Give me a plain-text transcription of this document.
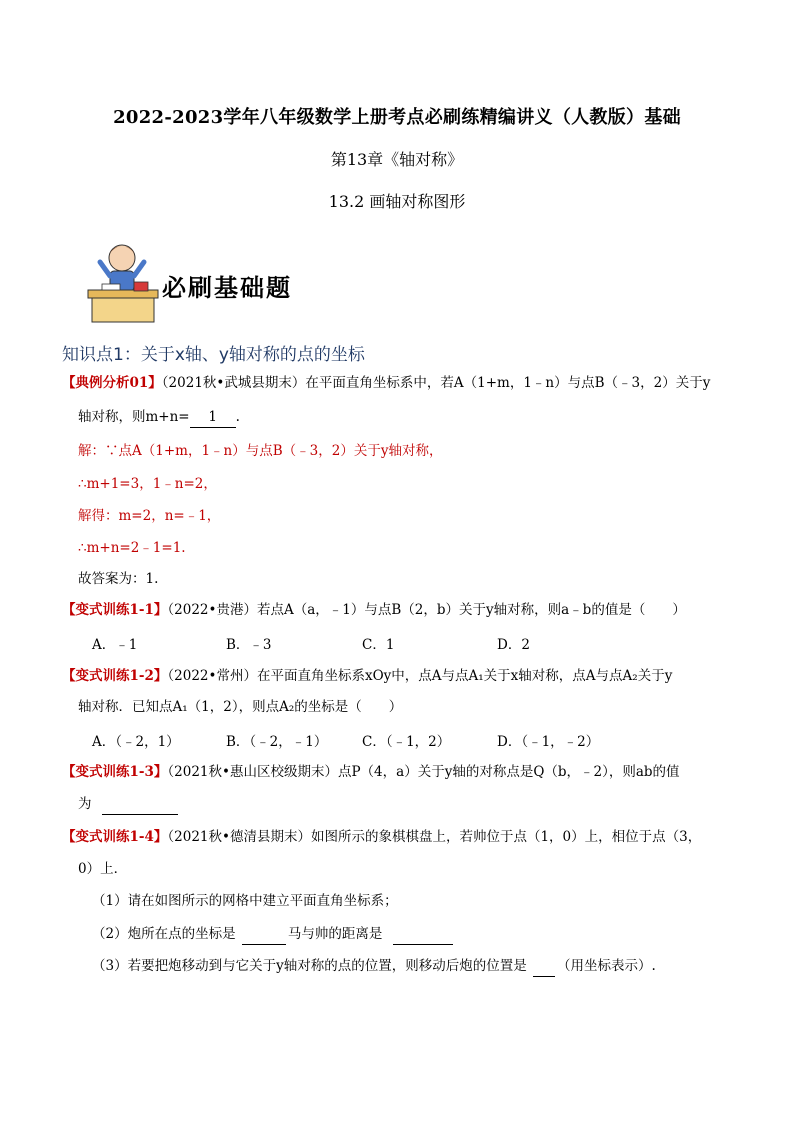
2022-2023学年八年级数学上册考点必刷练精编讲义（人教版）基础
第13章《轴对称》
13.2 画轴对称图形
必刷基础题
知识点1：关于x轴、y轴对称的点的坐标
【典例分析01】（2021秋•武城县期末）在平面直角坐标系中，若A（1+m，1﹣n）与点B（﹣3，2）关于y
轴对称，则m+n= 1 .
解：∵点A（1+m，1﹣n）与点B（﹣3，2）关于y轴对称，
∴m+1=3，1﹣n=2，
解得：m=2，n=﹣1，
∴m+n=2﹣1=1.
故答案为：1.
【变式训练1-1】（2022•贵港）若点A（a，﹣1）与点B（2，b）关于y轴对称，则a﹣b的值是（　　）
A．﹣1	B．﹣3	C．1	D．2
【变式训练1-2】（2022•常州）在平面直角坐标系xOy中，点A与点A₁关于x轴对称，点A与点A₂关于y
轴对称．已知点A₁（1，2），则点A₂的坐标是（　　）
A．（﹣2，1）	B．（﹣2，﹣1）	C．（﹣1，2）	D．（﹣1，﹣2）
【变式训练1-3】（2021秋•惠山区校级期末）点P（4，a）关于y轴的对称点是Q（b，﹣2），则ab的值
为
【变式训练1-4】（2021秋•德清县期末）如图所示的象棋棋盘上，若帅位于点（1，0）上，相位于点（3，
0）上．
（1）请在如图所示的网格中建立平面直角坐标系；
（2）炮所在点的坐标是	马与帅的距离是
（3）若要把炮移动到与它关于y轴对称的点的位置，则移动后炮的位置是 （用坐标表示）.
